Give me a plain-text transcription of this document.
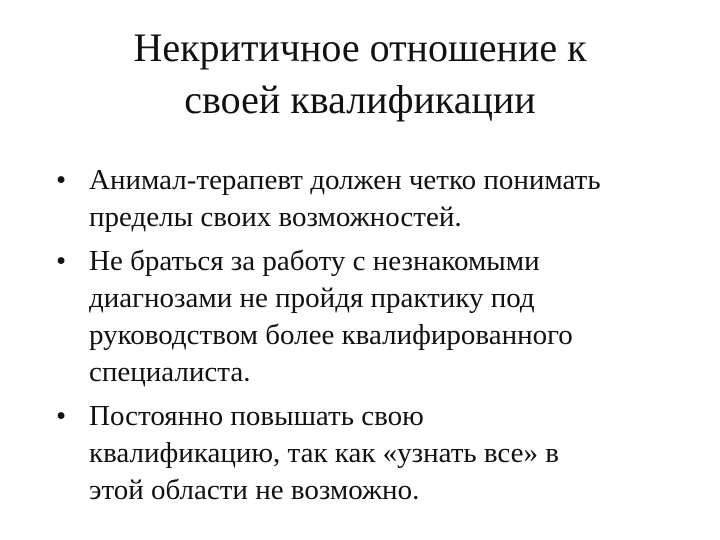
Некритичное отношение к
своей квалификации
• Анимал-терапевт должен четко понимать
пределы своих возможностей.
• Не браться за работу с незнакомыми
диагнозами не пройдя практику под
руководством более квалифированного
специалиста.
• Постоянно повышать свою
квалификацию, так как «узнать все» в
этой области не возможно.
